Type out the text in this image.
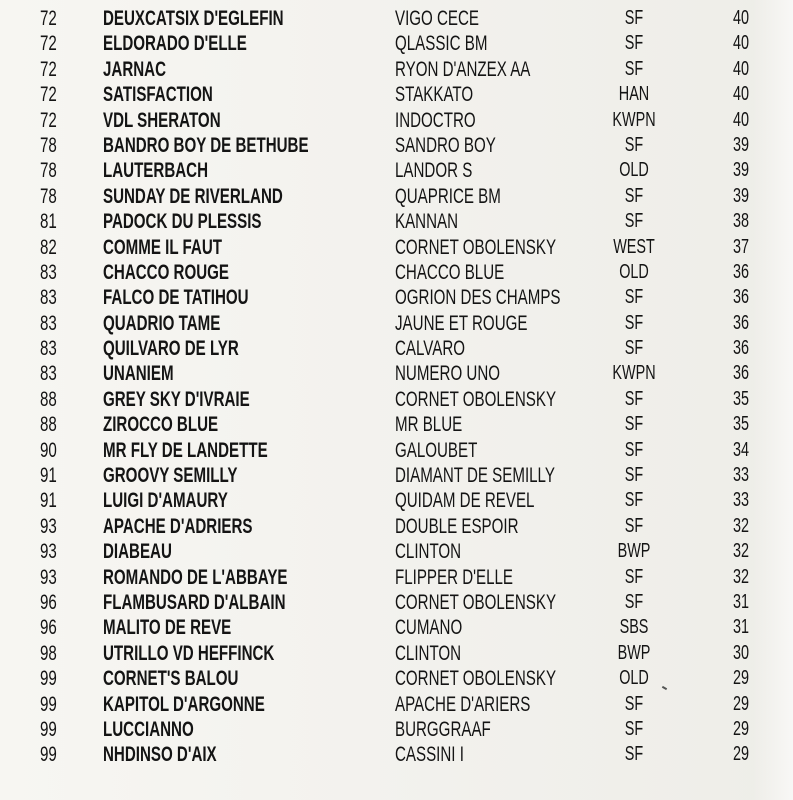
72 DEUXCATSIX D'EGLEFIN	VIGO CECE	SF	40
72 ELDORADO D'ELLE	QLASSIC BM	SF	40
72 JARNAC	RYON D'ANZEX AA	SF	40
72 SATISFACTION	STAKKATO	HAN	40
72 VDL SHERATON	INDOCTRO	KWPN	40
78 BANDRO BOY DE BETHUBE	SANDRO BOY	SF	39
78 LAUTERBACH	LANDOR S	OLD	39
78 SUNDAY DE RIVERLAND	QUAPRICE BM	SF	39
81 PADOCK DU PLESSIS	KANNAN	SF	38
82 COMME IL FAUT	CORNET OBOLENSKY	WEST	37
83 CHACCO ROUGE	CHACCO BLUE	OLD	36
83 FALCO DE TATIHOU	OGRION DES CHAMPS	SF	36
83 QUADRIO TAME	JAUNE ET ROUGE	SF	36
83 QUILVARO DE LYR	CALVARO	SF	36
83 UNANIEM	NUMERO UNO	KWPN	36
88 GREY SKY D'IVRAIE	CORNET OBOLENSKY	SF	35
88 ZIROCCO BLUE	MR BLUE	SF	35
90 MR FLY DE LANDETTE	GALOUBET	SF	34
91 GROOVY SEMILLY	DIAMANT DE SEMILLY	SF	33
91 LUIGI D'AMAURY	QUIDAM DE REVEL	SF	33
93 APACHE D'ADRIERS	DOUBLE ESPOIR	SF	32
93 DIABEAU	CLINTON	BWP	32
93 ROMANDO DE L'ABBAYE	FLIPPER D'ELLE	SF	32
96 FLAMBUSARD D'ALBAIN	CORNET OBOLENSKY	SF	31
96 MALITO DE REVE	CUMANO	SBS	31
98 UTRILLO VD HEFFINCK	CLINTON	BWP	30
99 CORNET'S BALOU	CORNET OBOLENSKY	OLD	29
99 KAPITOL D'ARGONNE	APACHE D'ARIERS	SF	29
99 LUCCIANNO	BURGGRAAF	SF	29
99 NHDINSO D'AIX	CASSINI I	SF	29
